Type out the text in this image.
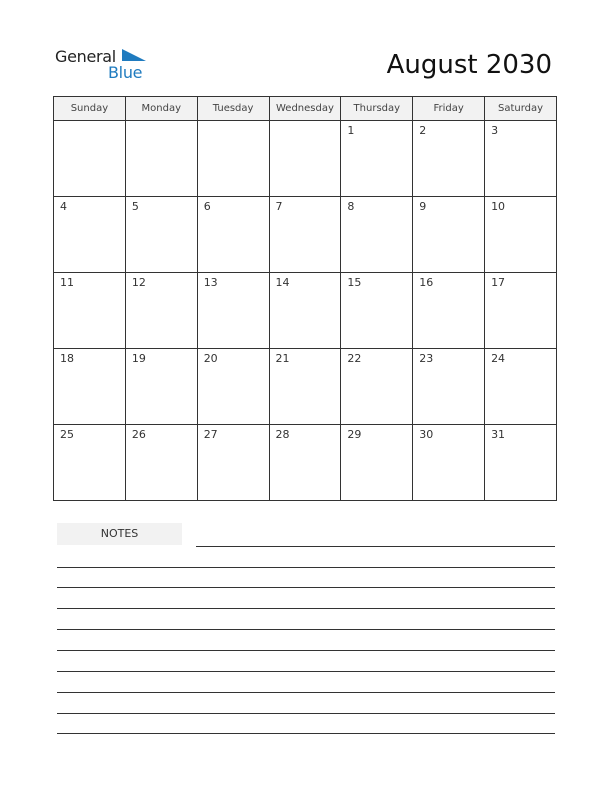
General
Blue	August 2030
Sunday	Monday	Tuesday	Wednesday	Thursday	Friday	Saturday

				1	2	3

4	5	6	7	8	9	10

11	12	13	14	15	16	17

18	19	20	21	22	23	24

25	26	27	28	29	30	31
NOTES
